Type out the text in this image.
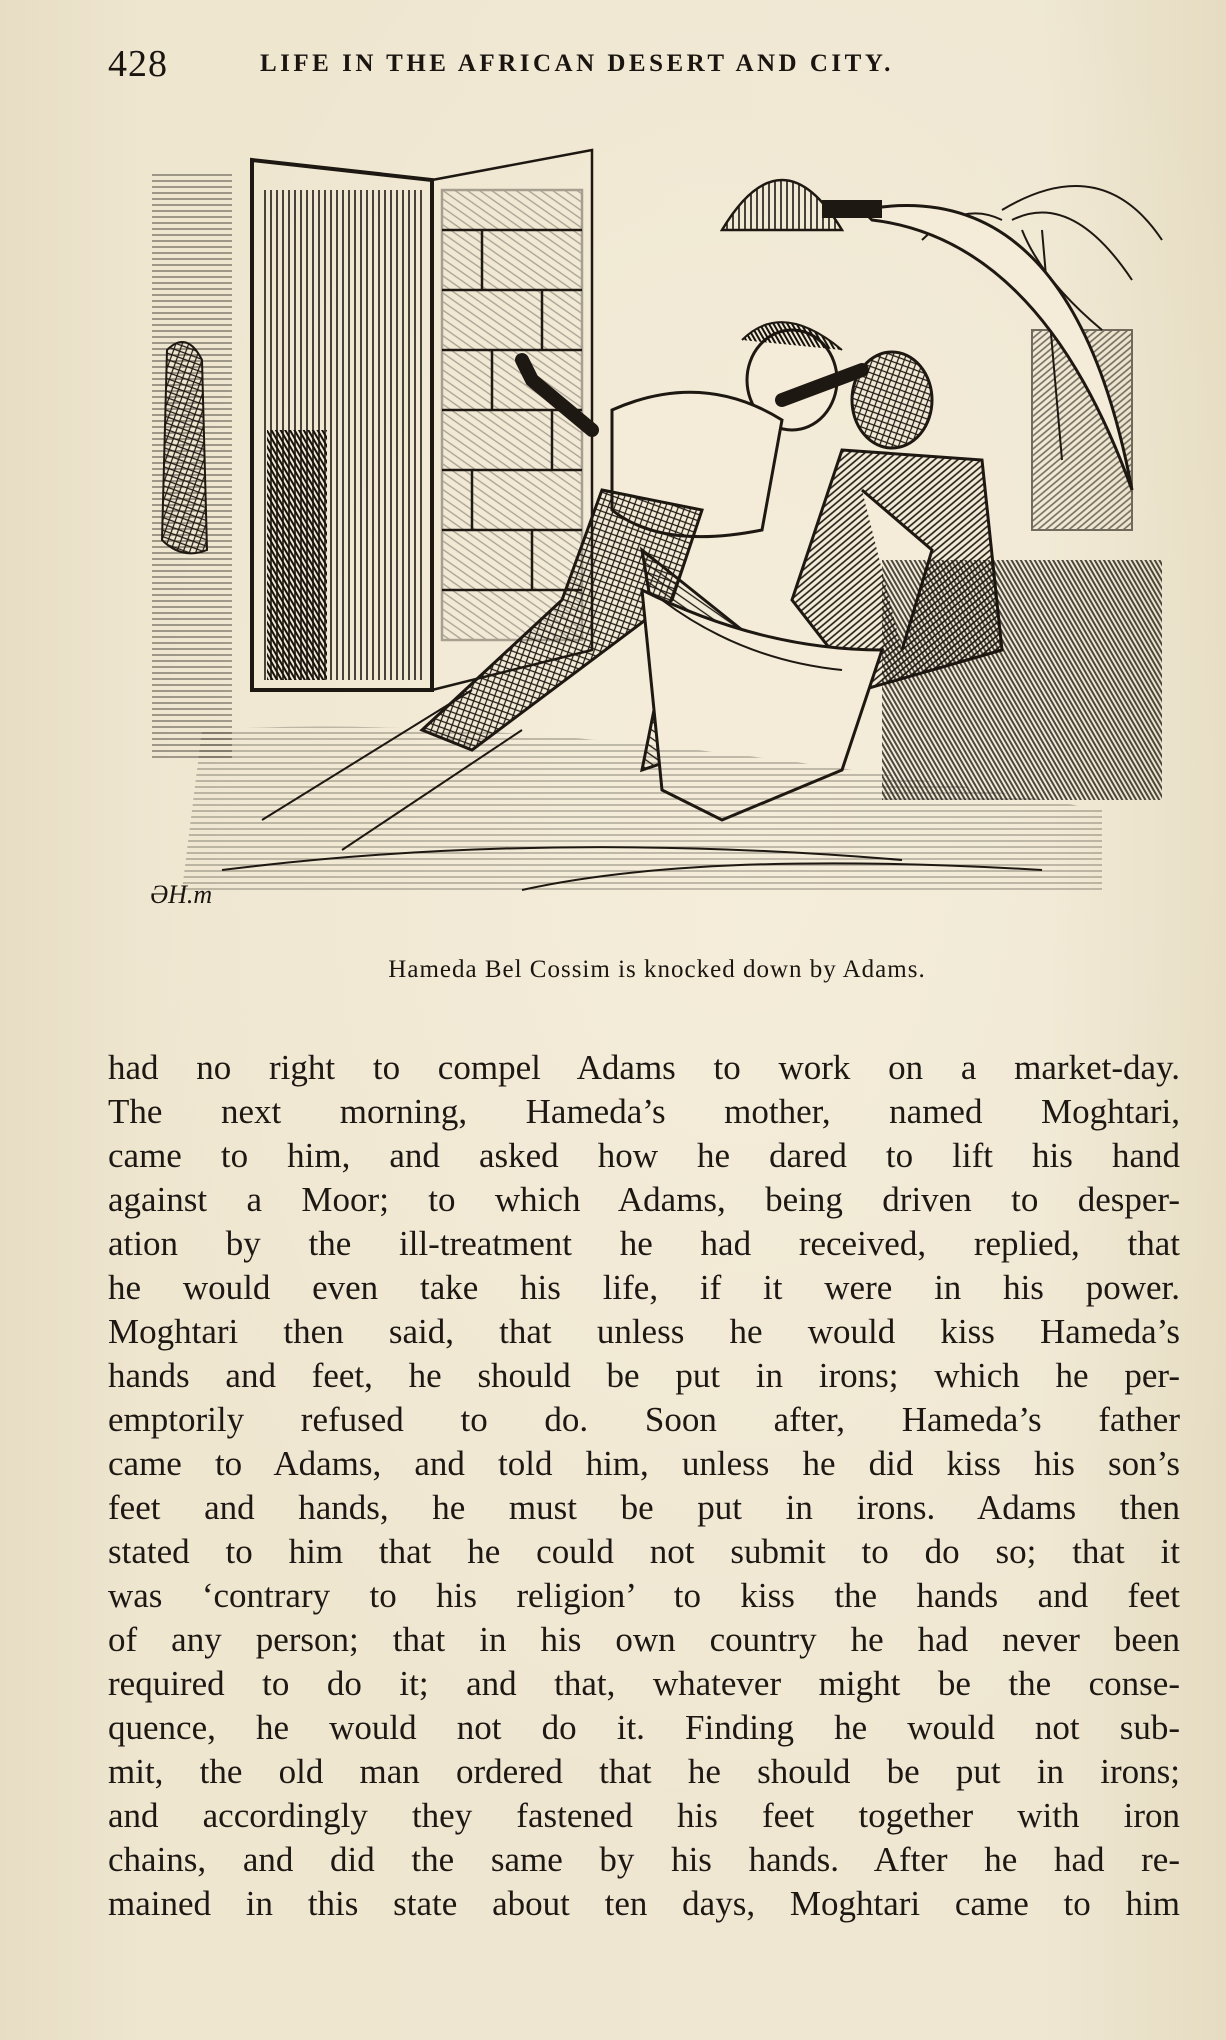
428	LIFE IN THE AFRICAN DESERT AND CITY.
ƏH.m
Hameda Bel Cossim is knocked down by Adams.
had no right to compel Adams to work on a market-day.
The next morning, Hameda’s mother, named Moghtari,
came to him, and asked how he dared to lift his hand
against a Moor; to which Adams, being driven to desper-
ation by the ill-treatment he had received, replied, that
he would even take his life, if it were in his power.
Moghtari then said, that unless he would kiss Hameda’s
hands and feet, he should be put in irons; which he per-
emptorily refused to do. Soon after, Hameda’s father
came to Adams, and told him, unless he did kiss his son’s
feet and hands, he must be put in irons. Adams then
stated to him that he could not submit to do so; that it
was ‘contrary to his religion’ to kiss the hands and feet
of any person; that in his own country he had never been
required to do it; and that, whatever might be the conse-
quence, he would not do it. Finding he would not sub-
mit, the old man ordered that he should be put in irons;
and accordingly they fastened his feet together with iron
chains, and did the same by his hands. After he had re-
mained in this state about ten days, Moghtari came to him
